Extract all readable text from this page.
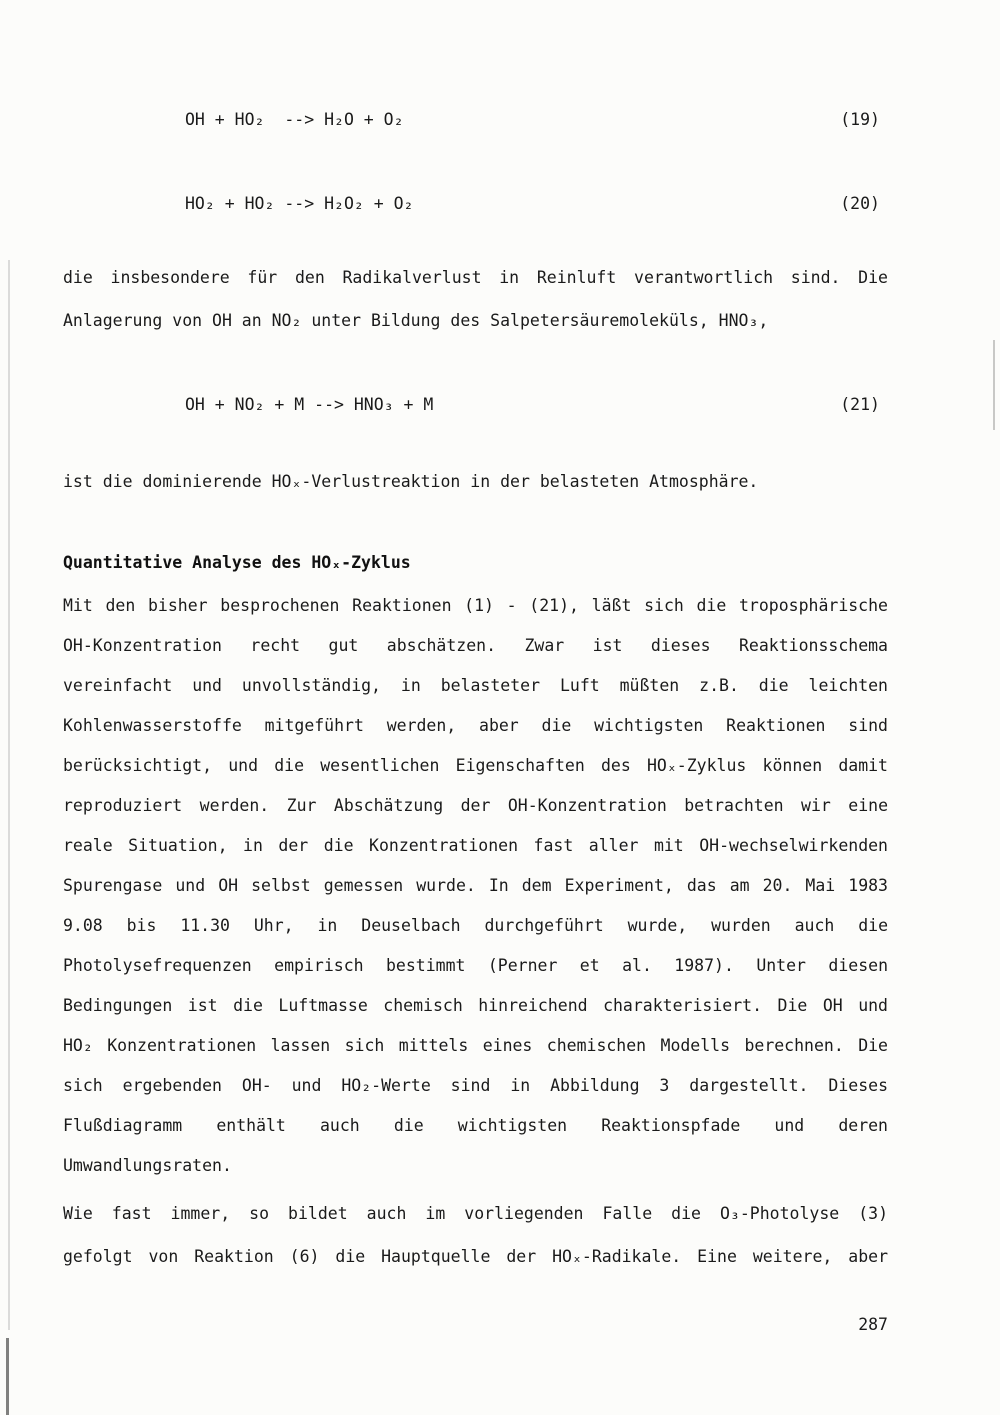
OH + HO₂  --> H₂O + O₂	(19)
HO₂ + HO₂ --> H₂O₂ + O₂	(20)
die insbesondere für den Radikalverlust in Reinluft verantwortlich sind. Die
Anlagerung von OH an NO₂ unter Bildung des Salpetersäuremoleküls, HNO₃,
OH + NO₂ + M --> HNO₃ + M	(21)
ist die dominierende HOₓ-Verlustreaktion in der belasteten Atmosphäre.
Quantitative Analyse des HOₓ-Zyklus
Mit den bisher besprochenen Reaktionen (1) - (21), läßt sich die troposphärische
OH-Konzentration recht gut abschätzen. Zwar ist dieses Reaktionsschema
vereinfacht und unvollständig, in belasteter Luft müßten z.B. die leichten
Kohlenwasserstoffe mitgeführt werden, aber die wichtigsten Reaktionen sind
berücksichtigt, und die wesentlichen Eigenschaften des HOₓ-Zyklus können damit
reproduziert werden. Zur Abschätzung der OH-Konzentration betrachten wir eine
reale Situation, in der die Konzentrationen fast aller mit OH-wechselwirkenden
Spurengase und OH selbst gemessen wurde. In dem Experiment, das am 20. Mai 1983
9.08 bis 11.30 Uhr, in Deuselbach durchgeführt wurde, wurden auch die
Photolysefrequenzen empirisch bestimmt (Perner et al. 1987). Unter diesen
Bedingungen ist die Luftmasse chemisch hinreichend charakterisiert. Die OH und
HO₂ Konzentrationen lassen sich mittels eines chemischen Modells berechnen. Die
sich ergebenden OH- und HO₂-Werte sind in Abbildung 3 dargestellt. Dieses
Flußdiagramm enthält auch die wichtigsten Reaktionspfade und deren
Umwandlungsraten.
Wie fast immer, so bildet auch im vorliegenden Falle die O₃-Photolyse (3)
gefolgt von Reaktion (6) die Hauptquelle der HOₓ-Radikale. Eine weitere, aber
287
